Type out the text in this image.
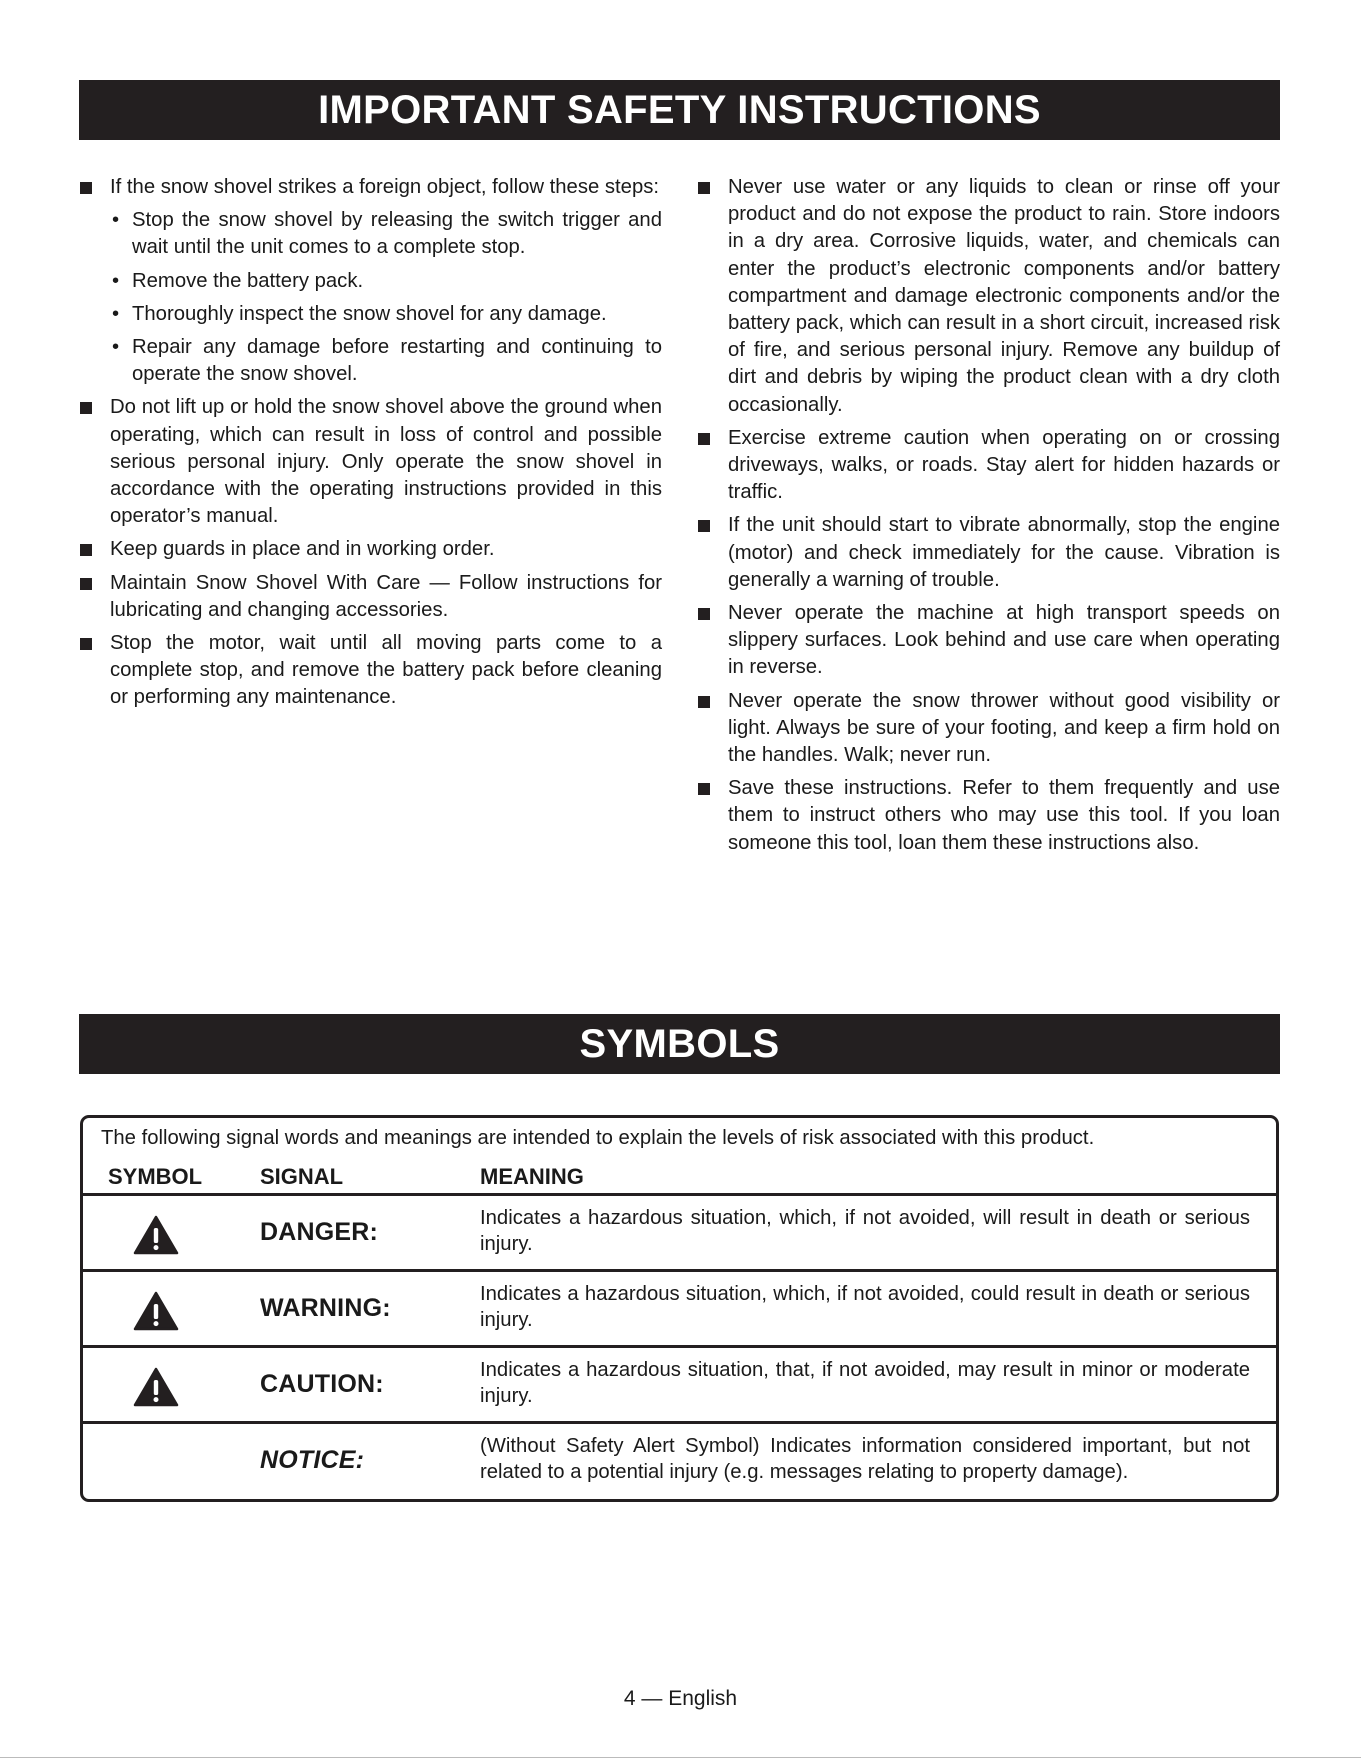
IMPORTANT SAFETY INSTRUCTIONS
If the snow shovel strikes a foreign object, follow these steps:
• Stop the snow shovel by releasing the switch trigger and wait until the unit comes to a complete stop.
• Remove the battery pack.
• Thoroughly inspect the snow shovel for any damage.
• Repair any damage before restarting and continuing to operate the snow shovel.
Do not lift up or hold the snow shovel above the ground when operating, which can result in loss of control and possible serious personal injury. Only operate the snow shovel in accordance with the operating instructions provided in this operator’s manual.
Keep guards in place and in working order.
Maintain Snow Shovel With Care — Follow instructions for lubricating and changing accessories.
Stop the motor, wait until all moving parts come to a complete stop, and remove the battery pack before cleaning or performing any maintenance.
Never use water or any liquids to clean or rinse off your product and do not expose the product to rain. Store indoors in a dry area. Corrosive liquids, water, and chemicals can enter the product’s electronic components and/or battery compartment and damage electronic components and/or the battery pack, which can result in a short circuit, increased risk of fire, and serious personal injury. Remove any buildup of dirt and debris by wiping the product clean with a dry cloth occasionally.
Exercise extreme caution when operating on or crossing driveways, walks, or roads. Stay alert for hidden hazards or traffic.
If the unit should start to vibrate abnormally, stop the engine (motor) and check immediately for the cause. Vibration is generally a warning of trouble.
Never operate the machine at high transport speeds on slippery surfaces. Look behind and use care when operating in reverse.
Never operate the snow thrower without good visibility or light. Always be sure of your footing, and keep a firm hold on the handles. Walk; never run.
Save these instructions. Refer to them frequently and use them to instruct others who may use this tool. If you loan someone this tool, loan them these instructions also.
SYMBOLS
The following signal words and meanings are intended to explain the levels of risk associated with this product.
SYMBOL	SIGNAL	MEANING
DANGER:	Indicates a hazardous situation, which, if not avoided, will result in death or serious injury.
WARNING:	Indicates a hazardous situation, which, if not avoided, could result in death or serious injury.
CAUTION:	Indicates a hazardous situation, that, if not avoided, may result in minor or moderate injury.
NOTICE:	(Without Safety Alert Symbol) Indicates information considered important, but not related to a potential injury (e.g. messages relating to property damage).
4 — English
